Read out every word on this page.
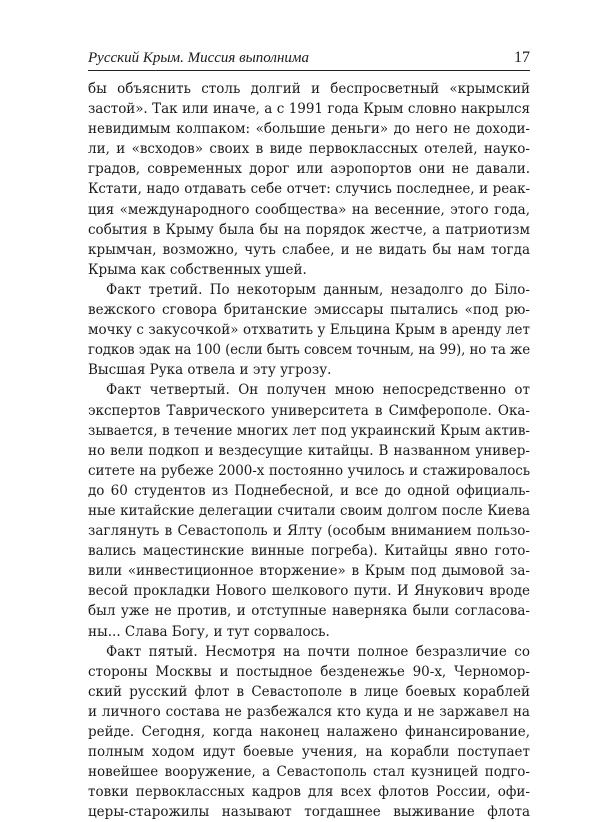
Русский Крым. Миссия выполнима	17

бы объяснить столь долгий и беспросветный «крымский
застой». Так или иначе, а с 1991 года Крым словно накрылся
невидимым колпаком: «большие деньги» до него не доходи-
ли, и «всходов» своих в виде первоклассных отелей, науко-
градов, современных дорог или аэропортов они не давали.
Кстати, надо отдавать себе отчет: случись последнее, и реак-
ция «международного сообщества» на весенние, этого года,
события в Крыму была бы на порядок жестче, а патриотизм
крымчан, возможно, чуть слабее, и не видать бы нам тогда
Крыма как собственных ушей.

Факт третий. По некоторым данным, незадолго до Біло-
вежского сговора британские эмиссары пытались «под рю-
мочку с закусочкой» отхватить у Ельцина Крым в аренду лет
годков эдак на 100 (если быть совсем точным, на 99), но та же
Высшая Рука отвела и эту угрозу.

Факт четвертый. Он получен мною непосредственно от
экспертов Таврического университета в Симферополе. Ока-
зывается, в течение многих лет под украинский Крым актив-
но вели подкоп и вездесущие китайцы. В названном универ-
ситете на рубеже 2000-х постоянно училось и стажировалось
до 60 студентов из Поднебесной, и все до одной официаль-
ные китайские делегации считали своим долгом после Киева
заглянуть в Севастополь и Ялту (особым вниманием пользо-
вались мацестинские винные погреба). Китайцы явно гото-
вили «инвестиционное вторжение» в Крым под дымовой за-
весой прокладки Нового шелкового пути. И Янукович вроде
был уже не против, и отступные наверняка были согласова-
ны... Слава Богу, и тут сорвалось.

Факт пятый. Несмотря на почти полное безразличие со
стороны Москвы и постыдное безденежье 90-х, Черномор-
ский русский флот в Севастополе в лице боевых кораблей
и личного состава не разбежался кто куда и не заржавел на
рейде. Сегодня, когда наконец налажено финансирование,
полным ходом идут боевые учения, на корабли поступает
новейшее вооружение, а Севастополь стал кузницей подго-
товки первоклассных кадров для всех флотов России, офи-
церы-старожилы называют тогдашнее выживание флота
